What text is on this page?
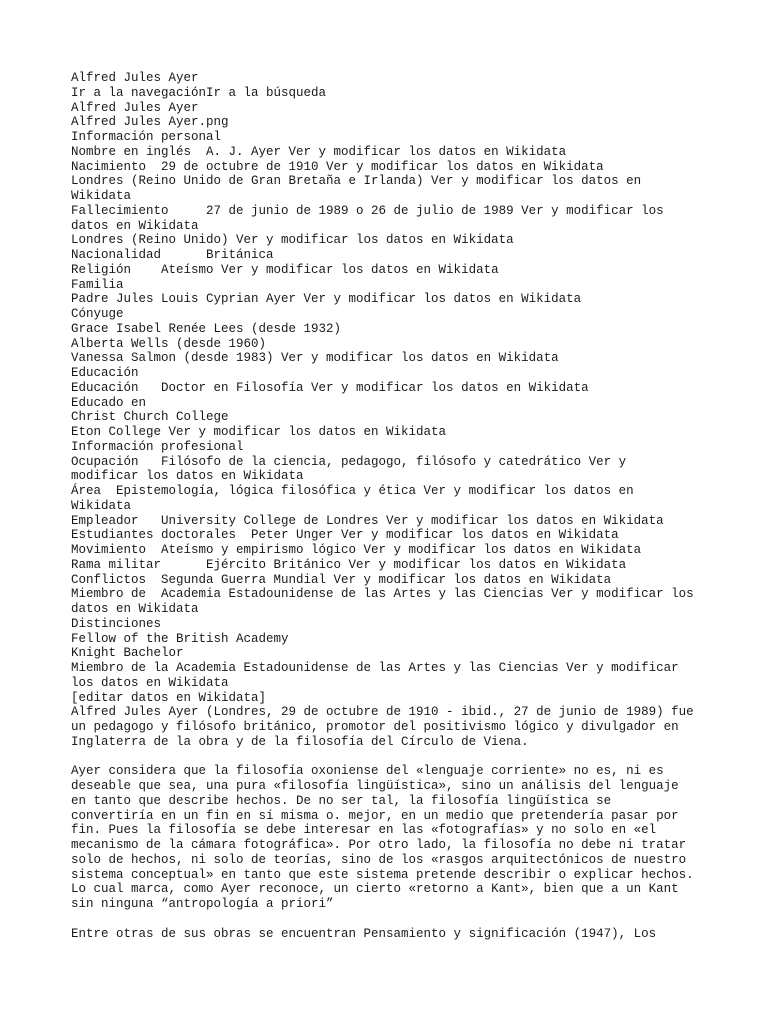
Alfred Jules Ayer
Ir a la navegaciónIr a la búsqueda
Alfred Jules Ayer
Alfred Jules Ayer.png
Información personal
Nombre en inglés  A. J. Ayer Ver y modificar los datos en Wikidata
Nacimiento  29 de octubre de 1910 Ver y modificar los datos en Wikidata
Londres (Reino Unido de Gran Bretaña e Irlanda) Ver y modificar los datos en
Wikidata
Fallecimiento     27 de junio de 1989 o 26 de julio de 1989 Ver y modificar los
datos en Wikidata
Londres (Reino Unido) Ver y modificar los datos en Wikidata
Nacionalidad      Británica
Religión    Ateísmo Ver y modificar los datos en Wikidata
Familia
Padre Jules Louis Cyprian Ayer Ver y modificar los datos en Wikidata
Cónyuge
Grace Isabel Renée Lees (desde 1932)
Alberta Wells (desde 1960)
Vanessa Salmon (desde 1983) Ver y modificar los datos en Wikidata
Educación
Educación   Doctor en Filosofía Ver y modificar los datos en Wikidata
Educado en
Christ Church College
Eton College Ver y modificar los datos en Wikidata
Información profesional
Ocupación   Filósofo de la ciencia, pedagogo, filósofo y catedrático Ver y
modificar los datos en Wikidata
Área  Epistemología, lógica filosófica y ética Ver y modificar los datos en
Wikidata
Empleador   University College de Londres Ver y modificar los datos en Wikidata
Estudiantes doctorales  Peter Unger Ver y modificar los datos en Wikidata
Movimiento  Ateísmo y empirismo lógico Ver y modificar los datos en Wikidata
Rama militar      Ejército Británico Ver y modificar los datos en Wikidata
Conflictos  Segunda Guerra Mundial Ver y modificar los datos en Wikidata
Miembro de  Academia Estadounidense de las Artes y las Ciencias Ver y modificar los
datos en Wikidata
Distinciones
Fellow of the British Academy
Knight Bachelor
Miembro de la Academia Estadounidense de las Artes y las Ciencias Ver y modificar
los datos en Wikidata
[editar datos en Wikidata]
Alfred Jules Ayer (Londres, 29 de octubre de 1910 - ibid., 27 de junio de 1989) fue
un pedagogo y filósofo británico, promotor del positivismo lógico y divulgador en
Inglaterra de la obra y de la filosofía del Círculo de Viena.
Ayer considera que la filosofía oxoniense del «lenguaje corriente» no es, ni es
deseable que sea, una pura «filosofía lingüística», sino un análisis del lenguaje
en tanto que describe hechos. De no ser tal, la filosofía lingüística se
convertiría en un fin en sí misma o. mejor, en un medio que pretendería pasar por
fin. Pues la filosofía se debe interesar en las «fotografías» y no solo en «el
mecanismo de la cámara fotográfica». Por otro lado, la filosofía no debe ni tratar
solo de hechos, ni solo de teorías, sino de los «rasgos arquitectónicos de nuestro
sistema conceptual» en tanto que este sistema pretende describir o explicar hechos.
Lo cual marca, como Ayer reconoce, un cierto «retorno a Kant», bien que a un Kant
sin ninguna “antropología a priori”
Entre otras de sus obras se encuentran Pensamiento y significación (1947), Los
